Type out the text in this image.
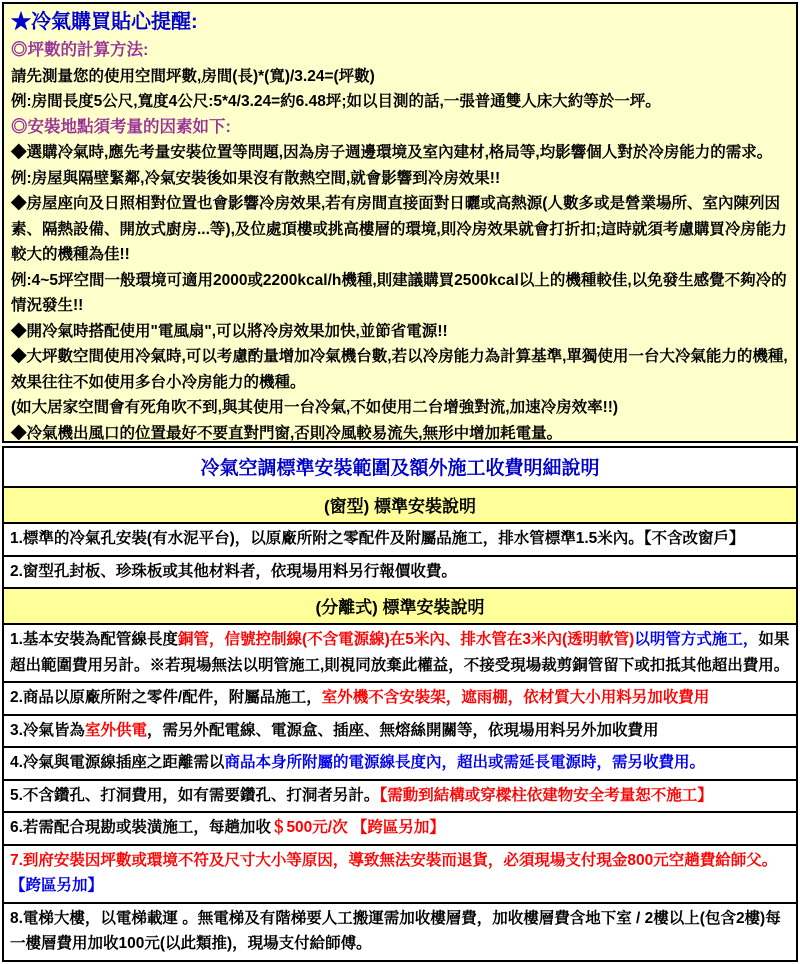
★冷氣購買貼心提醒:
◎坪數的計算方法:
請先測量您的使用空間坪數,房間(長)*(寬)/3.24=(坪數)
例:房間長度5公尺,寬度4公尺:5*4/3.24=約6.48坪;如以目測的話,一張普通雙人床大約等於一坪。
◎安裝地點須考量的因素如下:
◆選購冷氣時,應先考量安裝位置等問題,因為房子週邊環境及室內建材,格局等,均影響個人對於冷房能力的需求。
例:房屋與隔壁緊鄰,冷氣安裝後如果沒有散熱空間,就會影響到冷房效果!!
◆房屋座向及日照相對位置也會影響冷房效果,若有房間直接面對日曬或高熱源(人數多或是營業場所、室內陳列因素、隔熱設備、開放式廚房...等),及位處頂樓或挑高樓層的環境,則冷房效果就會打折扣;這時就須考慮購買冷房能力較大的機種為佳!!
例:4~5坪空間一般環境可適用2000或2200kcal/h機種,則建議購買2500kcal以上的機種較佳,以免發生感覺不夠冷的情況發生!!
◆開冷氣時搭配使用"電風扇",可以將冷房效果加快,並節省電源!!
◆大坪數空間使用冷氣時,可以考慮酌量增加冷氣機台數,若以冷房能力為計算基準,單獨使用一台大冷氣能力的機種,效果往往不如使用多台小冷房能力的機種。
(如大居家空間會有死角吹不到,與其使用一台冷氣,不如使用二台增強對流,加速冷房效率!!)
◆冷氣機出風口的位置最好不要直對門窗,否則冷風較易流失,無形中增加耗電量。
冷氣空調標準安裝範圍及額外施工收費明細說明
(窗型) 標準安裝說明
1.標準的冷氣孔安裝(有水泥平台)，以原廠所附之零配件及附屬品施工，排水管標準1.5米內。【不含改窗戶】
2.窗型孔封板、珍珠板或其他材料者，依現場用料另行報價收費。
(分離式) 標準安裝說明
1.基本安裝為配管線長度銅管，信號控制線(不含電源線)在5米內、排水管在3米內(透明軟管)以明管方式施工，如果超出範圍費用另計。※若現場無法以明管施工,則視同放棄此權益，不接受現場裁剪銅管留下或扣抵其他超出費用。
2.商品以原廠所附之零件/配件，附屬品施工，室外機不含安裝架，遮雨棚，依材質大小用料另加收費用
3.冷氣皆為室外供電，需另外配電線、電源盒、插座、無熔絲開關等，依現場用料另外加收費用
4.冷氣與電源線插座之距離需以商品本身所附屬的電源線長度內，超出或需延長電源時，需另收費用。
5.不含鑽孔、打洞費用，如有需要鑽孔、打洞者另計。【需動到結構或穿樑柱依建物安全考量恕不施工】
6.若需配合現勘或裝潢施工，每趟加收＄500元/次 【跨區另加】
7.到府安裝因坪數或環境不符及尺寸大小等原因，導致無法安裝而退貨，必須現場支付現金800元空趟費給師父。【跨區另加】
8.電梯大樓，以電梯載運 。無電梯及有階梯要人工搬運需加收樓層費，加收樓層費含地下室 / 2樓以上(包含2樓)每一樓層費用加收100元(以此類推)，現場支付給師傅。
